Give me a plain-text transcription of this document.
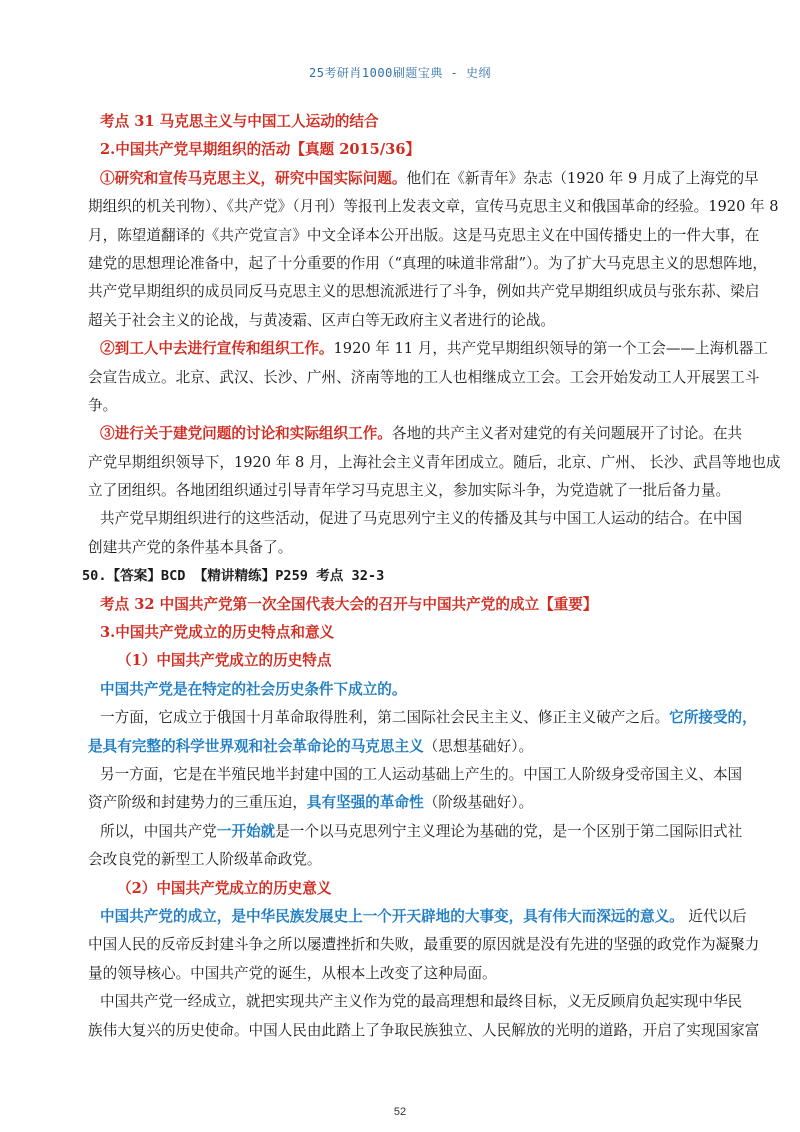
25考研肖1000刷题宝典 - 史纲
考点 31 马克思主义与中国工人运动的结合
2.中国共产党早期组织的活动【真题 2015/36】
①研究和宣传马克思主义，研究中国实际问题。他们在《新青年》杂志（1920 年 9 月成了上海党的早
期组织的机关刊物）、《共产党》（月刊）等报刊上发表文章，宣传马克思主义和俄国革命的经验。1920 年 8
月，陈望道翻译的《共产党宣言》中文全译本公开出版。这是马克思主义在中国传播史上的一件大事，在
建党的思想理论准备中，起了十分重要的作用（“真理的味道非常甜”）。为了扩大马克思主义的思想阵地，
共产党早期组织的成员同反马克思主义的思想流派进行了斗争，例如共产党早期组织成员与张东荪、梁启
超关于社会主义的论战，与黄凌霜、区声白等无政府主义者进行的论战。
②到工人中去进行宣传和组织工作。1920 年 11 月，共产党早期组织领导的第一个工会——上海机器工
会宣告成立。北京、武汉、长沙、广州、济南等地的工人也相继成立工会。工会开始发动工人开展罢工斗
争。
③进行关于建党问题的讨论和实际组织工作。各地的共产主义者对建党的有关问题展开了讨论。在共
产党早期组织领导下，1920 年 8 月，上海社会主义青年团成立。随后，北京、广州、 长沙、武昌等地也成
立了团组织。各地团组织通过引导青年学习马克思主义，参加实际斗争，为党造就了一批后备力量。
共产党早期组织进行的这些活动，促进了马克思列宁主义的传播及其与中国工人运动的结合。在中国
创建共产党的条件基本具备了。
50.【答案】BCD 【精讲精练】P259 考点 32-3
考点 32 中国共产党第一次全国代表大会的召开与中国共产党的成立【重要】
3.中国共产党成立的历史特点和意义
（1）中国共产党成立的历史特点
中国共产党是在特定的社会历史条件下成立的。
一方面，它成立于俄国十月革命取得胜利，第二国际社会民主主义、修正主义破产之后。它所接受的，
是具有完整的科学世界观和社会革命论的马克思主义（思想基础好）。
另一方面，它是在半殖民地半封建中国的工人运动基础上产生的。中国工人阶级身受帝国主义、本国
资产阶级和封建势力的三重压迫，具有坚强的革命性（阶级基础好）。
所以，中国共产党一开始就是一个以马克思列宁主义理论为基础的党，是一个区别于第二国际旧式社
会改良党的新型工人阶级革命政党。
（2）中国共产党成立的历史意义
中国共产党的成立，是中华民族发展史上一个开天辟地的大事变，具有伟大而深远的意义。 近代以后
中国人民的反帝反封建斗争之所以屡遭挫折和失败，最重要的原因就是没有先进的坚强的政党作为凝聚力
量的领导核心。中国共产党的诞生，从根本上改变了这种局面。
中国共产党一经成立，就把实现共产主义作为党的最高理想和最终目标，义无反顾肩负起实现中华民
族伟大复兴的历史使命。中国人民由此踏上了争取民族独立、人民解放的光明的道路，开启了实现国家富
52
